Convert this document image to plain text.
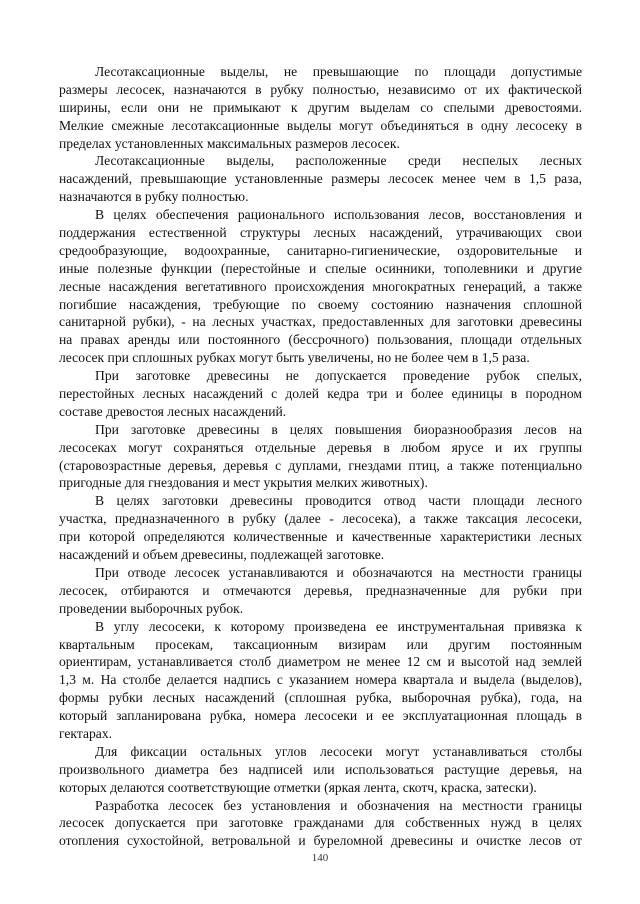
Лесотаксационные выделы, не превышающие по площади допустимые
размеры лесосек, назначаются в рубку полностью, независимо от их фактической
ширины, если они не примыкают к другим выделам со спелыми древостоями.
Мелкие смежные лесотаксационные выделы могут объединяться в одну лесосеку в
пределах установленных максимальных размеров лесосек.
Лесотаксационные выделы, расположенные среди неспелых лесных
насаждений, превышающие установленные размеры лесосек менее чем в 1,5 раза,
назначаются в рубку полностью.
В целях обеспечения рационального использования лесов, восстановления и
поддержания естественной структуры лесных насаждений, утрачивающих свои
средообразующие, водоохранные, санитарно-гигиенические, оздоровительные и
иные полезные функции (перестойные и спелые осинники, тополевники и другие
лесные насаждения вегетативного происхождения многократных генераций, а также
погибшие насаждения, требующие по своему состоянию назначения сплошной
санитарной рубки), - на лесных участках, предоставленных для заготовки древесины
на правах аренды или постоянного (бессрочного) пользования, площади отдельных
лесосек при сплошных рубках могут быть увеличены, но не более чем в 1,5 раза.
При заготовке древесины не допускается проведение рубок спелых,
перестойных лесных насаждений с долей кедра три и более единицы в породном
составе древостоя лесных насаждений.
При заготовке древесины в целях повышения биоразнообразия лесов на
лесосеках могут сохраняться отдельные деревья в любом ярусе и их группы
(старовозрастные деревья, деревья с дуплами, гнездами птиц, а также потенциально
пригодные для гнездования и мест укрытия мелких животных).
В целях заготовки древесины проводится отвод части площади лесного
участка, предназначенного в рубку (далее - лесосека), а также таксация лесосеки,
при которой определяются количественные и качественные характеристики лесных
насаждений и объем древесины, подлежащей заготовке.
При отводе лесосек устанавливаются и обозначаются на местности границы
лесосек, отбираются и отмечаются деревья, предназначенные для рубки при
проведении выборочных рубок.
В углу лесосеки, к которому произведена ее инструментальная привязка к
квартальным просекам, таксационным визирам или другим постоянным
ориентирам, устанавливается столб диаметром не менее 12 см и высотой над землей
1,3 м. На столбе делается надпись с указанием номера квартала и выдела (выделов),
формы рубки лесных насаждений (сплошная рубка, выборочная рубка), года, на
который запланирована рубка, номера лесосеки и ее эксплуатационная площадь в
гектарах.
Для фиксации остальных углов лесосеки могут устанавливаться столбы
произвольного диаметра без надписей или использоваться растущие деревья, на
которых делаются соответствующие отметки (яркая лента, скотч, краска, затески).
Разработка лесосек без установления и обозначения на местности границы
лесосек допускается при заготовке гражданами для собственных нужд в целях
отопления сухостойной, ветровальной и буреломной древесины и очистке лесов от
140
